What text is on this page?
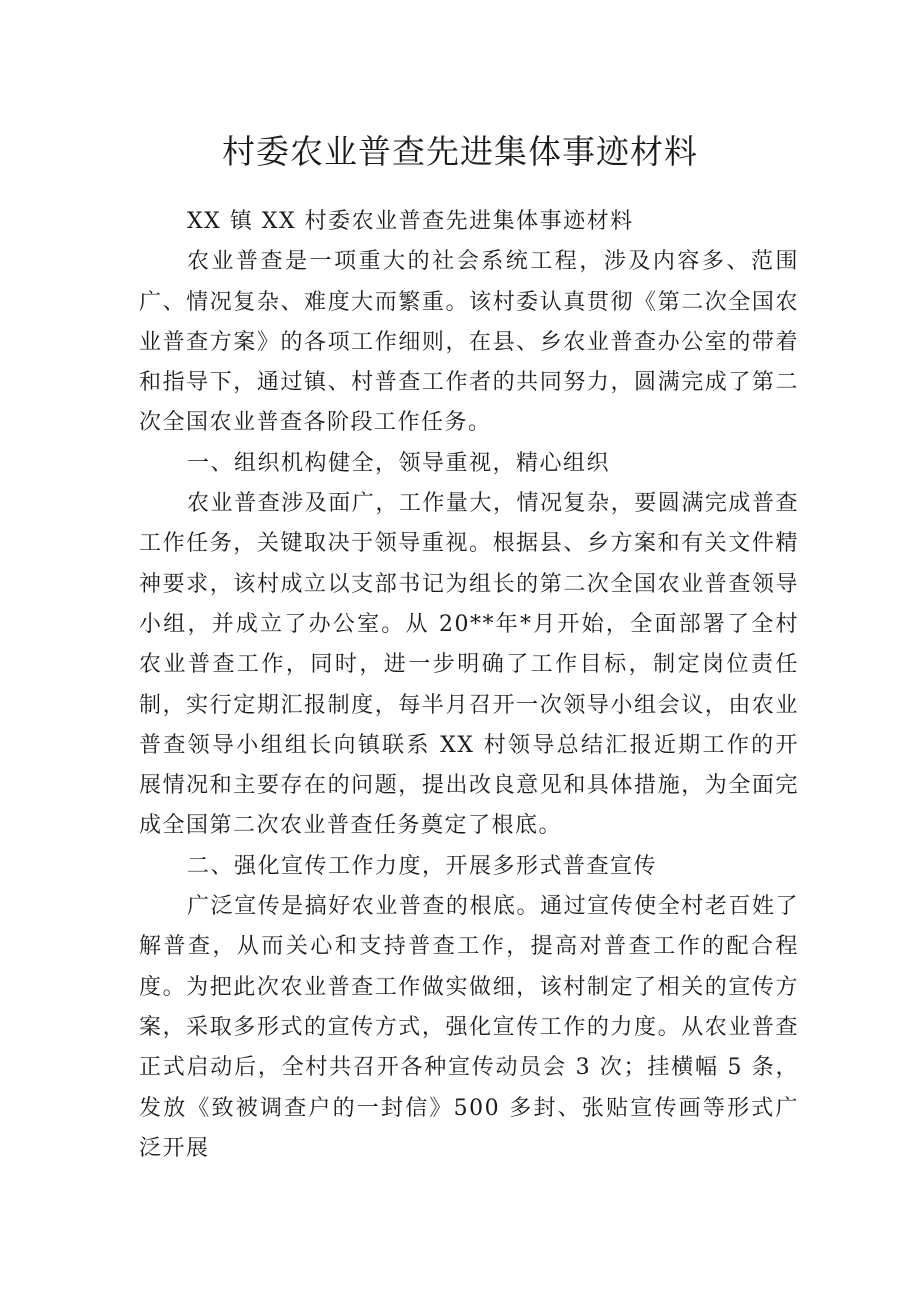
村委农业普查先进集体事迹材料

XX 镇 XX 村委农业普查先进集体事迹材料

农业普查是一项重大的社会系统工程，涉及内容多、范围广、情况复杂、难度大而繁重。该村委认真贯彻《第二次全国农业普查方案》的各项工作细则，在县、乡农业普查办公室的带着和指导下，通过镇、村普查工作者的共同努力，圆满完成了第二次全国农业普查各阶段工作任务。

一、组织机构健全，领导重视，精心组织

农业普查涉及面广，工作量大，情况复杂，要圆满完成普查工作任务，关键取决于领导重视。根据县、乡方案和有关文件精神要求，该村成立以支部书记为组长的第二次全国农业普查领导小组，并成立了办公室。从 20**年*月开始，全面部署了全村农业普查工作，同时，进一步明确了工作目标，制定岗位责任制，实行定期汇报制度，每半月召开一次领导小组会议，由农业普查领导小组组长向镇联系 XX 村领导总结汇报近期工作的开展情况和主要存在的问题，提出改良意见和具体措施，为全面完成全国第二次农业普查任务奠定了根底。

二、强化宣传工作力度，开展多形式普查宣传

广泛宣传是搞好农业普查的根底。通过宣传使全村老百姓了解普查，从而关心和支持普查工作，提高对普查工作的配合程度。为把此次农业普查工作做实做细，该村制定了相关的宣传方案，采取多形式的宣传方式，强化宣传工作的力度。从农业普查正式启动后，全村共召开各种宣传动员会 3 次；挂横幅 5 条，发放《致被调查户的一封信》500 多封、张贴宣传画等形式广泛开展
